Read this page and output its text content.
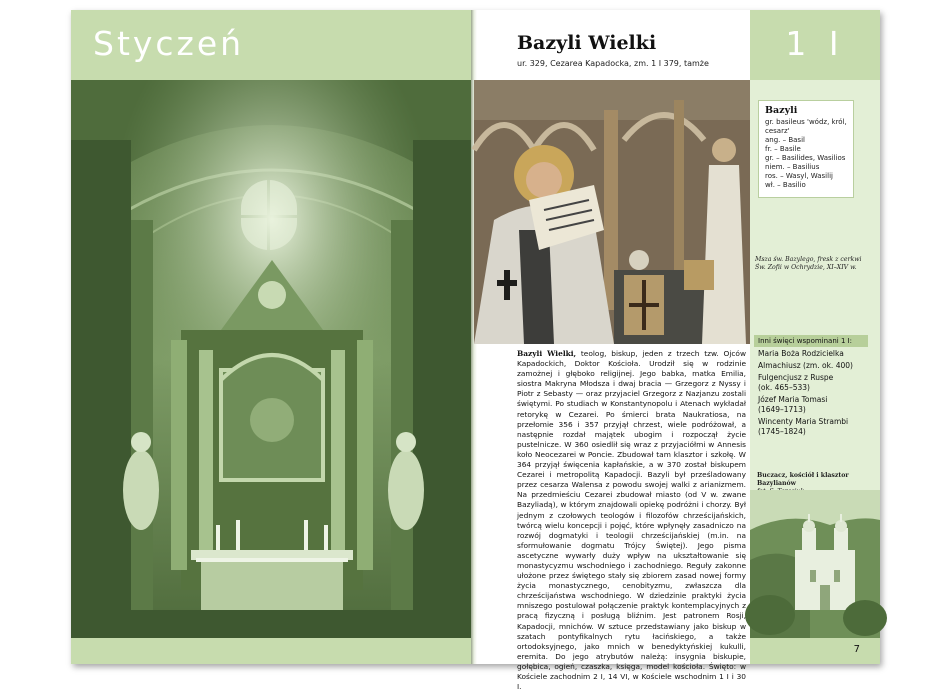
Styczeń	1 I
Bazyli Wielki
ur. 329, Cezarea Kapadocka, zm. 1 I 379, tamże
Bazyli
gr. basileus 'wódz, król,
cesarz'
ang. – Basil
fr. – Basile
gr. – Basilides, Wasilios
niem. – Basilius
ros. – Wasyl, Wasilij
wł. – Basilio
Msza św. Bazylego, fresk z cerkwi
Św. Zofii w Ochrydzie, XI–XIV w.
Inni święci wspominani 1 I:
Maria Boża Rodzicielka
Almachiusz (zm. ok. 400)
Fulgencjusz z Ruspe
(ok. 465–533)
Józef Maria Tomasi
(1649–1713)
Wincenty Maria Strambi
(1745–1824)
Buczacz, kościół i klasztor
Bazylianów
Bazyli Wielki, teolog, biskup, jeden z trzech tzw. Ojców Kapadockich, Doktor Kościoła. Urodził się w rodzinie zamożnej i głęboko religijnej. Jego babka, matka Emilia, siostra Makryna Młodsza i dwaj bracia — Grzegorz z Nyssy i Piotr z Sebasty — oraz przyjaciel Grzegorz z Nazjanzu zostali świętymi. Po studiach w Konstantynopolu i Atenach wykładał retorykę w Cezarei. Po śmierci brata Naukratiosa, na przełomie 356 i 357 przyjął chrzest, wiele podróżował, a następnie rozdał majątek ubogim i rozpoczął życie pustelnicze. W 360 osiedlił się wraz z przyjaciółmi w Annesis koło Neocezarei w Poncie. Zbudował tam klasztor i szkołę. W 364 przyjął święcenia kapłańskie, a w 370 został biskupem Cezarei i metropolitą Kapadocji. Bazyli był prześladowany przez cesarza Walensa z powodu swojej walki z arianizmem. Na przedmieściu Cezarei zbudował miasto (od V w. zwane Bazyliadą), w którym znajdowali opiekę podróżni i chorzy. Był jednym z czołowych teologów i filozofów chrześcijańskich, twórcą wielu koncepcji i pojęć, które wpłynęły zasadniczo na rozwój dogmatyki i teologii chrześcijańskiej (m.in. na sformułowanie dogmatu Trójcy Świętej). Jego pisma ascetyczne wywarły duży wpływ na ukształtowanie się monastycyzmu wschodniego i zachodniego. Reguły zakonne ułożone przez świętego stały się zbiorem zasad nowej formy życia monastycznego, cenobityzmu, zwłaszcza dla chrześcijaństwa wschodniego. W dziedzinie praktyki życia mniszego postulował połączenie praktyk kontemplacyjnych z pracą fizyczną i posługą bliźnim. Jest patronem Rosji, Kapadocji, mnichów. W sztuce przedstawiany jako biskup w szatach pontyfikalnych rytu łacińskiego, a także ortodoksyjnego, jako mnich w benedyktyńskiej kukulli, eremita. Do jego atrybutów należą: insygnia biskupie, gołębica, ogień, czaszka, księga, model kościoła. Święto: w Kościele zachodnim 2 I, 14 VI, w Kościele wschodnim 1 I i 30 I.
7
